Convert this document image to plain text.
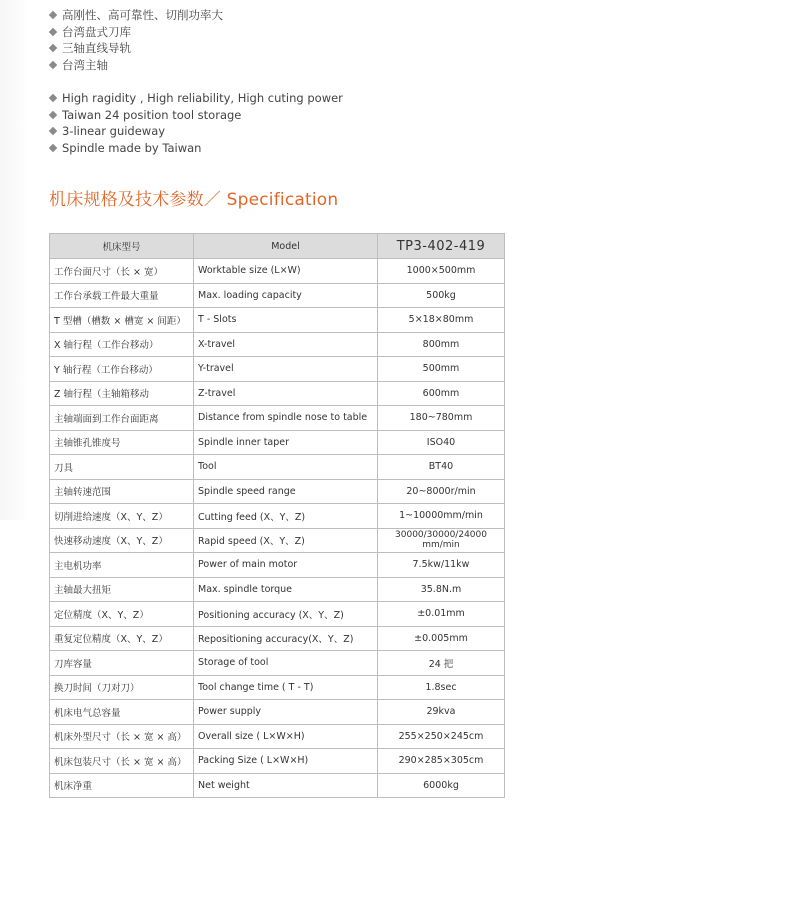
高刚性、高可靠性、切削功率大
台湾盘式刀库
三轴直线导轨
台湾主轴
High ragidity , High reliability, High cuting power
Taiwan 24 position tool storage
3-linear guideway
Spindle made by Taiwan
机床规格及技术参数／ Specification
机床型号	Model	TP3-402-419
工作台面尺寸（长 × 宽）	Worktable size (L×W)	1000×500mm
工作台承载工件最大重量	Max. loading capacity	500kg
T 型槽（槽数 × 槽宽 × 间距）	T - Slots	5×18×80mm
X 轴行程（工作台移动）	X-travel	800mm
Y 轴行程（工作台移动）	Y-travel	500mm
Z 轴行程（主轴箱移动	Z-travel	600mm
主轴端面到工作台面距离	Distance from spindle nose to table	180~780mm
主轴锥孔锥度号	Spindle inner taper	ISO40
刀具	Tool	BT40
主轴转速范围	Spindle speed range	20~8000r/min
切削进给速度（X、Y、Z）	Cutting feed (X、Y、Z)	1~10000mm/min
快速移动速度（X、Y、Z）	Rapid speed (X、Y、Z)	30000/30000/24000 mm/min
主电机功率	Power of main motor	7.5kw/11kw
主轴最大扭矩	Max. spindle torque	35.8N.m
定位精度（X、Y、Z）	Positioning accuracy (X、Y、Z)	±0.01mm
重复定位精度（X、Y、Z）	Repositioning accuracy(X、Y、Z)	±0.005mm
刀库容量	Storage of tool	24 把
换刀时间（刀对刀）	Tool change time ( T - T)	1.8sec
机床电气总容量	Power supply	29kva
机床外型尺寸（长 × 宽 × 高）	Overall size ( L×W×H)	255×250×245cm
机床包装尺寸（长 × 宽 × 高）	Packing Size ( L×W×H)	290×285×305cm
机床净重	Net weight	6000kg
